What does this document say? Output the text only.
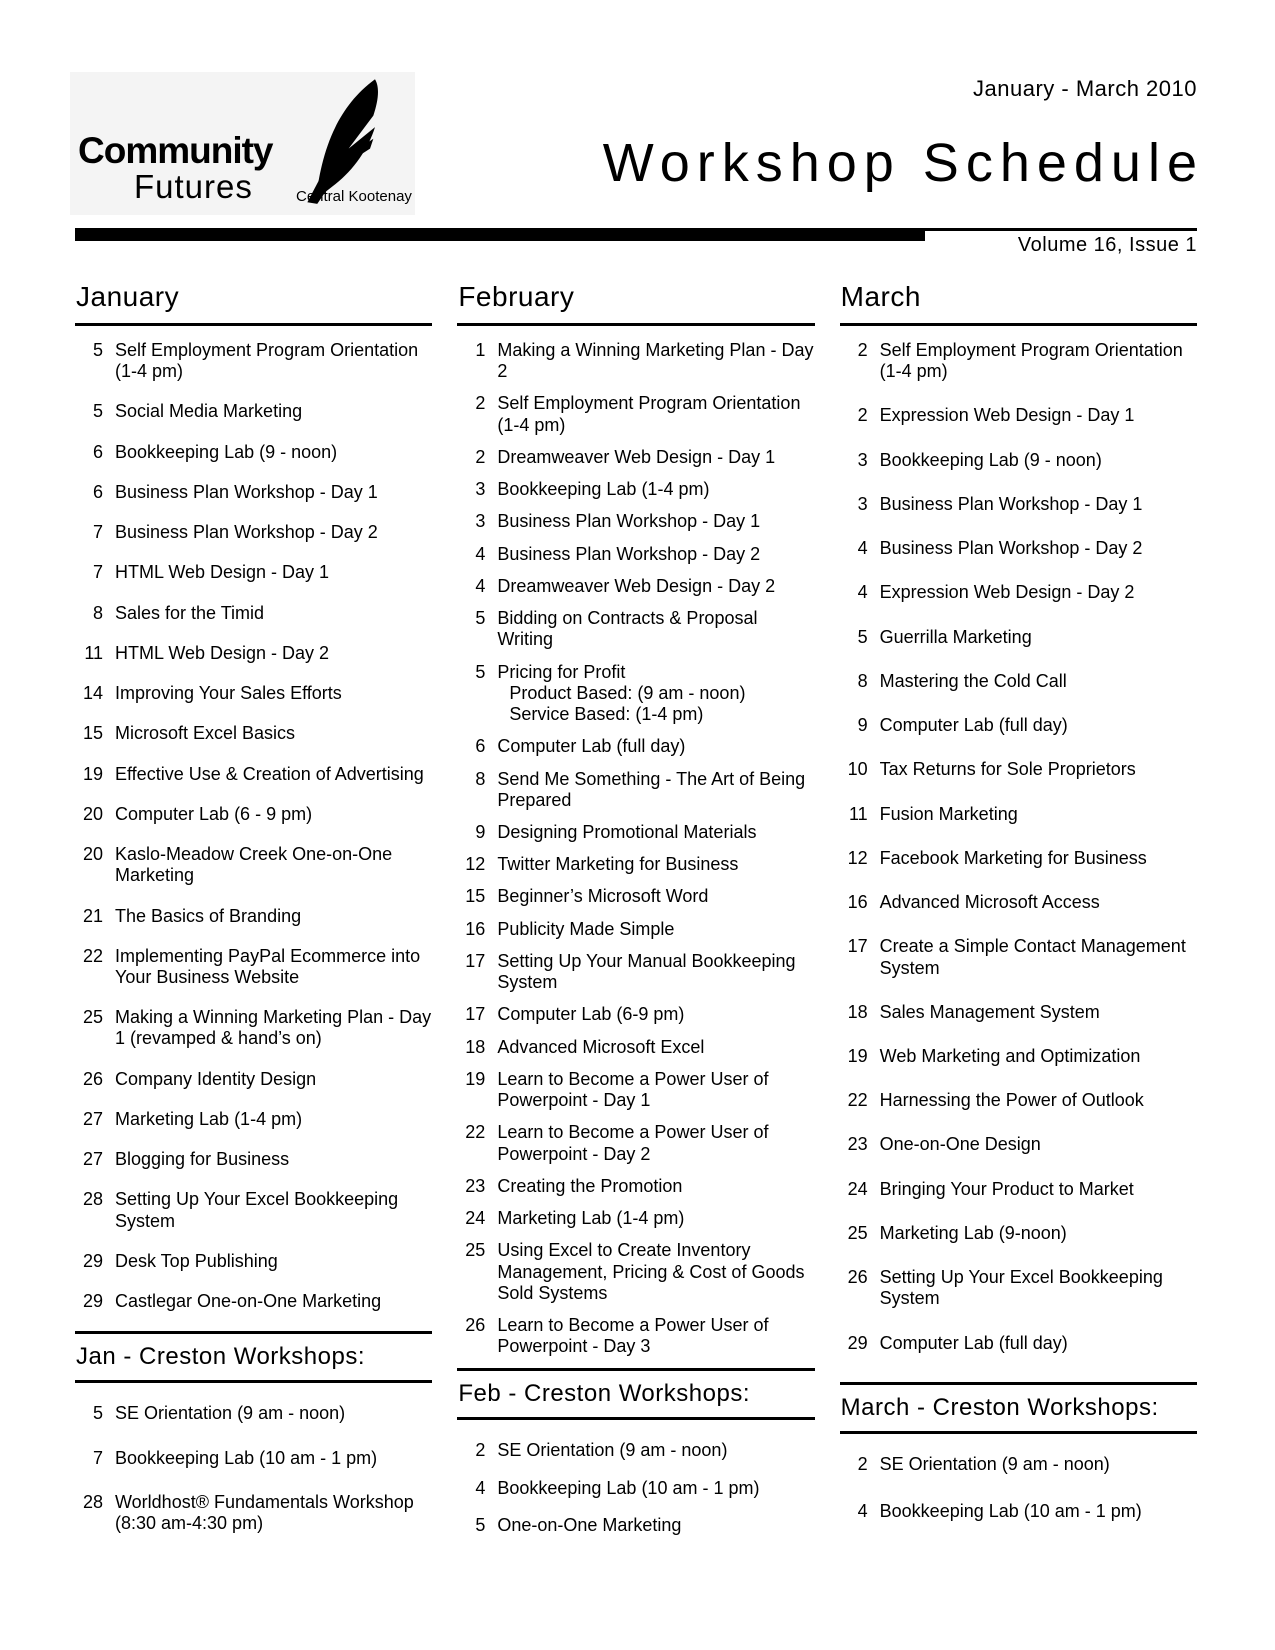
January - March 2010
Community
Futures	Central Kootenay
Workshop Schedule
Volume 16, Issue 1
January
5 Self Employment Program Orientation (1-4 pm)
5 Social Media Marketing
6 Bookkeeping Lab (9 - noon)
6 Business Plan Workshop - Day 1
7 Business Plan Workshop - Day 2
7 HTML Web Design - Day 1
8 Sales for the Timid
11 HTML Web Design - Day 2
14 Improving Your Sales Efforts
15 Microsoft Excel Basics
19 Effective Use & Creation of Advertising
20 Computer Lab (6 - 9 pm)
20 Kaslo-Meadow Creek One-on-One Marketing
21 The Basics of Branding
22 Implementing PayPal Ecommerce into Your Business Website
25 Making a Winning Marketing Plan - Day 1 (revamped & hand’s on)
26 Company Identity Design
27 Marketing Lab (1-4 pm)
27 Blogging for Business
28 Setting Up Your Excel Bookkeeping System
29 Desk Top Publishing
29 Castlegar One-on-One Marketing
Jan - Creston Workshops:
5 SE Orientation (9 am - noon)
7 Bookkeeping Lab (10 am - 1 pm)
28 Worldhost® Fundamentals Workshop (8:30 am-4:30 pm)
February
1 Making a Winning Marketing Plan - Day 2
2 Self Employment Program Orientation (1-4 pm)
2 Dreamweaver Web Design - Day 1
3 Bookkeeping Lab (1-4 pm)
3 Business Plan Workshop - Day 1
4 Business Plan Workshop - Day 2
4 Dreamweaver Web Design - Day 2
5 Bidding on Contracts & Proposal Writing
5 Pricing for Profit
Product Based: (9 am - noon)
Service Based: (1-4 pm)
6 Computer Lab (full day)
8 Send Me Something - The Art of Being Prepared
9 Designing Promotional Materials
12 Twitter Marketing for Business
15 Beginner’s Microsoft Word
16 Publicity Made Simple
17 Setting Up Your Manual Bookkeeping System
17 Computer Lab (6-9 pm)
18 Advanced Microsoft Excel
19 Learn to Become a Power User of Powerpoint - Day 1
22 Learn to Become a Power User of Powerpoint - Day 2
23 Creating the Promotion
24 Marketing Lab (1-4 pm)
25 Using Excel to Create Inventory Management, Pricing & Cost of Goods Sold Systems
26 Learn to Become a Power User of Powerpoint - Day 3
Feb - Creston Workshops:
2 SE Orientation (9 am - noon)
4 Bookkeeping Lab (10 am - 1 pm)
5 One-on-One Marketing
March
2 Self Employment Program Orientation (1-4 pm)
2 Expression Web Design - Day 1
3 Bookkeeping Lab (9 - noon)
3 Business Plan Workshop - Day 1
4 Business Plan Workshop - Day 2
4 Expression Web Design - Day 2
5 Guerrilla Marketing
8 Mastering the Cold Call
9 Computer Lab (full day)
10 Tax Returns for Sole Proprietors
11 Fusion Marketing
12 Facebook Marketing for Business
16 Advanced Microsoft Access
17 Create a Simple Contact Management System
18 Sales Management System
19 Web Marketing and Optimization
22 Harnessing the Power of Outlook
23 One-on-One Design
24 Bringing Your Product to Market
25 Marketing Lab (9-noon)
26 Setting Up Your Excel Bookkeeping System
29 Computer Lab (full day)
March - Creston Workshops:
2 SE Orientation (9 am - noon)
4 Bookkeeping Lab (10 am - 1 pm)
